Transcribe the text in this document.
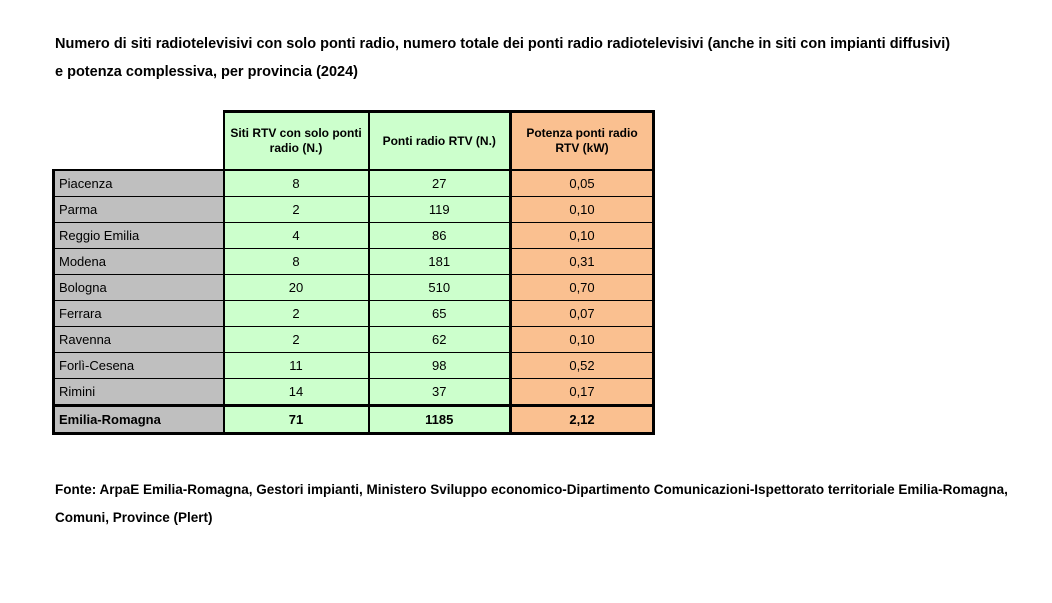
Numero di siti radiotelevisivi con solo ponti radio, numero totale dei ponti radio radiotelevisivi (anche in siti con impianti diffusivi)
e potenza complessiva, per provincia (2024)
	Siti RTV con solo ponti radio (N.)	Ponti radio RTV (N.)	Potenza ponti radio RTV (kW)
Piacenza	8	27	0,05
Parma	2	119	0,10
Reggio Emilia	4	86	0,10
Modena	8	181	0,31
Bologna	20	510	0,70
Ferrara	2	65	0,07
Ravenna	2	62	0,10
Forlì-Cesena	11	98	0,52
Rimini	14	37	0,17
Emilia-Romagna	71	1185	2,12
Fonte: ArpaE Emilia-Romagna, Gestori impianti, Ministero Sviluppo economico-Dipartimento Comunicazioni-Ispettorato territoriale Emilia-Romagna,
Comuni, Province (Plert)
